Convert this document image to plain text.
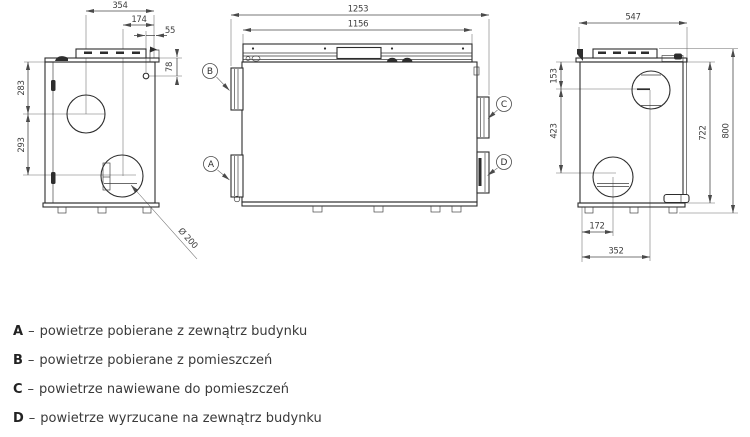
354
174
55
78
283
293
Ø 200
1253
1156
B
A
C
D
547
153
423	722 800
172
352

A – powietrze pobierane z zewnątrz budynku

B – powietrze pobierane z pomieszczeń

C – powietrze nawiewane do pomieszczeń

D – powietrze wyrzucane na zewnątrz budynku
